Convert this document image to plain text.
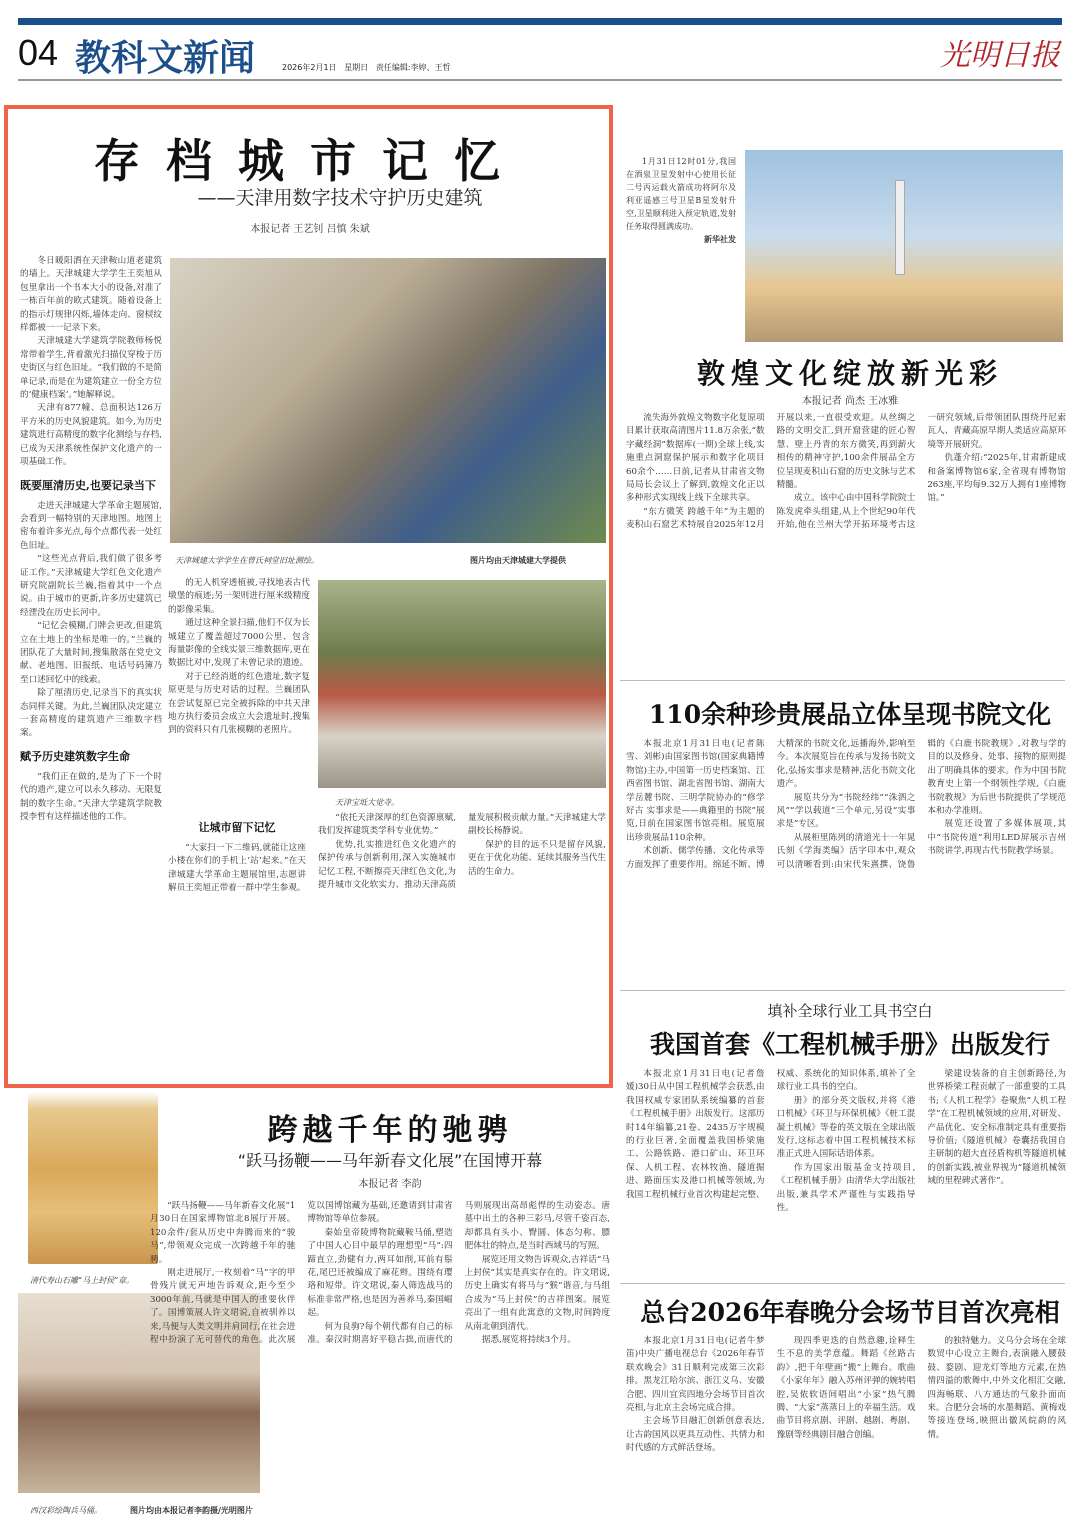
04 教科文新闻	2026年2月1日 星期日 责任编辑:李婷、王哲	光明日报
存档城市记忆
——天津用数字技术守护历史建筑
本报记者 王艺钊 吕慎 朱斌

冬日暖阳洒在天津鞍山道老建筑的墙上。天津城建大学学生王奕旭从包里拿出一个书本大小的设备,对准了一栋百年前的欧式建筑。随着设备上的指示灯规律闪烁,墙体走向、窗棂纹样都被一一记录下来。

天津城建大学建筑学院教师杨悦常带着学生,背着激光扫描仪穿梭于历史街区与红色旧址。“我们做的不是简单记录,而是在为建筑建立一份全方位的‘健康档案’。”她解释说。

天津有877幢、总面积达126万平方米的历史风貌建筑。如今,为历史建筑进行高精度的数字化测绘与存档,已成为天津系统性保护文化遗产的一项基础工作。

既要厘清历史,也要记录当下

走进天津城建大学革命主题展馆,会看到一幅特别的天津地图。地图上密布着许多光点,每个点都代表一处红色旧址。

“这些光点背后,我们做了很多考证工作。”天津城建大学红色文化遗产研究院副院长兰巍,指着其中一个点说。由于城市的更新,许多历史建筑已经湮没在历史长河中。

“记忆会模糊,门牌会更改,但建筑立在土地上的坐标是唯一的。”兰巍的团队花了大量时间,搜集散落在党史文献、老地图、旧报纸、电话号码簿乃至口述回忆中的线索。

除了厘清历史,记录当下的真实状态同样关键。为此,兰巍团队决定建立一套高精度的建筑遗产三维数字档案。

赋予历史建筑数字生命

“我们正在做的,是为了下一个时代的遗产,建立可以永久移动、无限复制的数字生命。”天津大学建筑学院教授李哲有这样描述他的工作。

天津城建大学学生在曾氏祠堂旧址测绘。	图片均由天津城建大学提供

的无人机穿透植被,寻找地表古代墩堡的痕迹;另一架则进行厘米级精度的影像采集。

通过这种全景扫描,他们不仅为长城建立了覆盖超过7000公里、包含海量影像的全线实景三维数据库,更在数据比对中,发现了未曾记录的遗迹。

对于已经消逝的红色遗址,数字复原更是与历史对话的过程。兰巍团队在尝试复原已完全被拆除的中共天津地方执行委员会成立大会遗址时,搜集到的资料只有几张模糊的老照片。

天津宝坻大觉寺。
让城市留下记忆

“大家扫一下二维码,就能让这座小楼在你们的手机上‘站’起来。”在天津城建大学革命主题展馆里,志愿讲解员王奕旭正带着一群中学生参观。

“依托天津深厚的红色资源禀赋,我们发挥建筑类学科专业优势。”

优势,扎实推进红色文化遗产的保护传承与创新利用,深入实施城市记忆工程,不断擦亮天津红色文化,为提升城市文化软实力、推动天津高质量发展积极贡献力量。”天津城建大学副校长杨静说。

保护的目的远不只是留存风貌,更在于优化功能、延续其服务当代生活的生命力。

1月31日12时01分,我国在酒泉卫星发射中心使用长征二号丙运载火箭成功将阿尔及利亚遥感三号卫星B星发射升空,卫星顺利进入预定轨道,发射任务取得圆满成功。

新华社发
敦煌文化绽放新光彩
本报记者 尚杰 王冰雅

流失海外敦煌文物数字化复原项目累计获取高清图片11.8万余张,“数字藏经洞”数据库(一期)全球上线,实施重点洞窟保护展示和数字化项目60余个……日前,记者从甘肃省文物局局长会议上了解到,敦煌文化正以多种形式实现线上线下全球共享。

“东方微笑 跨越千年”为主题的麦积山石窟艺术特展自2025年12月开展以来,一直很受欢迎。从丝绸之路的文明交汇,到开窟营建的匠心智慧、壁上丹青的东方微笑,再到薪火相传的精神守护,100余件展品全方位呈现麦积山石窟的历史文脉与艺术精髓。

成立。该中心由中国科学院院士陈发虎牵头组建,从上个世纪90年代开始,他在兰州大学开拓环境考古这一研究领域,后带领团队围绕丹尼索瓦人、青藏高原早期人类适应高原环境等开展研究。

仇蓬介绍:“2025年,甘肃新建成和备案博物馆6家,全省现有博物馆263座,平均每9.32万人拥有1座博物馆。”

110余种珍贵展品立体呈现书院文化

本报北京1月31日电(记者陈雪、刘彬)由国家图书馆(国家典籍博物馆)主办,中国第一历史档案馆、江西省图书馆、湖北省图书馆、湖南大学岳麓书院、三明学院协办的“修学好古 实事求是——典籍里的书院”展览,日前在国家图书馆亮相。展览展出珍贵展品110余种。

术创新、儒学传播、文化传承等方面发挥了重要作用。绵延不断、博大精深的书院文化,远播海外,影响至今。本次展览旨在传承与发扬书院文化,弘扬实事求是精神,活化书院文化遗产。

展览共分为“书院经纬”“洙泗之风”“学以载道”三个单元,另设“实事求是”专区。

从展柜里陈列的清道光十一年晁氏刻《学海类编》活字印本中,观众可以清晰看到:由宋代朱熹撰、饶鲁辑的《白鹿书院教规》,对教与学的目的以及修身、处事、接物的原则提出了明确具体的要求。作为中国书院教育史上第一个纲领性学规,《白鹿书院教规》为后世书院提供了学规范本和办学准则。

展览还设置了多媒体展项,其中“书院传道”利用LED屏展示吉州书院讲学,再现古代书院教学场景。

填补全球行业工具书空白
我国首套《工程机械手册》出版发行

本报北京1月31日电(记者詹媛)30日从中国工程机械学会获悉,由我国权威专家团队系统编纂的首套《工程机械手册》出版发行。这部历时14年编纂,21卷、2435万字规模的行业巨著,全面覆盖我国桥梁施工、公路铁路、港口矿山、环卫环保、人机工程、农林牧渔、隧道掘进、路面压实及港口机械等领域,为我国工程机械行业首次构建起完整、权威、系统化的知识体系,填补了全球行业工具书的空白。

册》的部分英文版权,并将《港口机械》《环卫与环保机械》《桩工混凝土机械》等卷的英文版在全球出版发行,这标志着中国工程机械技术标准正式进入国际话语体系。

作为国家出版基金支持项目,《工程机械手册》由清华大学出版社出版,兼具学术严谨性与实践指导性。

梁建设装备的自主创新路径,为世界桥梁工程贡献了一部重要的工具书;《人机工程学》卷聚焦“人机工程学”在工程机械领域的应用,对研发、产品优化、安全标准制定具有重要指导价值;《隧道机械》卷囊括我国自主研制的超大直径盾构机等隧道机械的创新实践,被业界视为“隧道机械领域的里程碑式著作”。

总台2026年春晚分会场节目首次亮相

本报北京1月31日电(记者牛梦笛)中央广播电视总台《2026年春节联欢晚会》31日顺利完成第三次彩排。黑龙江哈尔滨、浙江义乌、安徽合肥、四川宜宾四地分会场节目首次亮相,与北京主会场完成合排。

主会场节目融汇创新创意表达,让古韵国风以更具互动性、共情力和时代感的方式鲜活登场。

现四季更迭的自然意趣,诠释生生不息的美学意蕴。舞蹈《丝路古韵》,把千年壁画“搬”上舞台。歌曲《小家年年》融入苏州评弹的婉转唱腔,吴侬软语间唱出“小家”热气腾腾、“大家”蒸蒸日上的幸福生活。戏曲节目将京剧、评剧、越剧、粤剧、豫剧等经典剧目融合创编。

的独特魅力。义乌分会场在全球数贸中心设立主舞台,表演融入腰鼓鼓、婺剧、迎龙灯等地方元素,在热情四溢的歌舞中,中外文化相汇交融,四海畅联、八方通达的气象扑面而来。合肥分会场的水墨舞蹈、黄梅戏等接连登场,映照出徽风皖韵的风情。

清代寿山石雕“马上封侯”章。
跨越千年的驰骋
“跃马扬鞭——马年新春文化展”在国博开幕
本报记者 李韵
西汉彩绘陶兵马俑。	图片均由本报记者李韵摄/光明图片

“跃马扬鞭——马年新春文化展”1月30日在国家博物馆北8展厅开展。120余件/套从历史中奔腾而来的“骏马”,带领观众完成一次跨越千年的驰骋。

刚走进展厅,一枚刻着“马”字的甲骨残片就无声地告诉观众,距今至少3000年前,马就是中国人的重要伙伴了。国博策展人许文珺说,自被驯养以来,马便与人类文明并肩同行,在社会进程中扮演了无可替代的角色。此次展览以国博馆藏为基础,还邀请到甘肃省博物馆等单位参展。

秦始皇帝陵博物院藏鞍马俑,塑造了中国人心目中最早的理想型“马”:四蹄直立,劲健有力,两耳如削,耳前有鬃花,尾巴还被编成了麻花辫。围绕有璎珞和短带。许文珺说,秦人筛选战马的标准非常严格,也是因为善养马,秦国崛起。

何为良驹?每个朝代都有自己的标准。秦汉时期喜好平稳古拙,而唐代的马则展现出高昂彪悍的生动姿态。唐墓中出土的各种三彩马,尽管千姿百态,却都具有头小、臀圆、体态匀称、膘肥体壮的特点,是当时西域马的写照。

展览还用文物告诉观众,吉祥话“马上封侯”其实是真实存在的。许文珺说,历史上确实有将马与“猴”谐音,与马组合成为“马上封侯”的吉祥图案。展览亮出了一组有此寓意的文物,时间跨度从南北朝到清代。

据悉,展览将持续3个月。
